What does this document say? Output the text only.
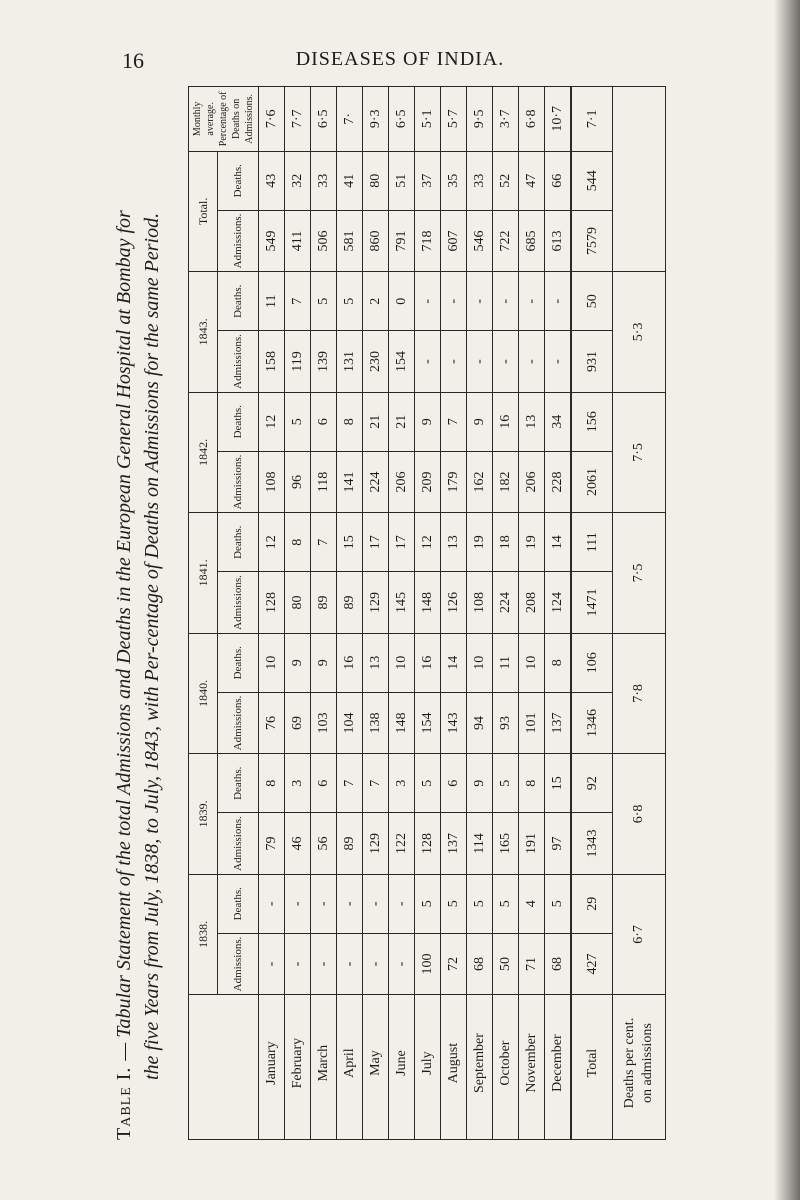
16	DISEASES OF INDIA.
Table I.— Tabular Statement of the total Admissions and Deaths in the European General Hospital at Bombay for the five Years from July, 1838, to July, 1843, with Per-centage of Deaths on Admissions for the same Period.
		1838.		1839.		1840.		1841.		1842.		1843.		Total.		Monthly average. Percentage of Deaths on Admissions.
	Admissions.	Deaths.	Admissions.	Deaths.	Admissions.	Deaths.	Admissions.	Deaths.	Admissions.	Deaths.	Admissions.	Deaths.	Admissions.	Deaths.	
January	-	-	79	8	76	10	128	12	108	12	158	11	549	43	7·6
February	-	-	46	3	69	9	80	8	96	5	119	7	411	32	7·7
March	-	-	56	6	103	9	89	7	118	6	139	5	506	33	6·5
April	-	-	89	7	104	16	89	15	141	8	131	5	581	41	7·
May	-	-	129	7	138	13	129	17	224	21	230	2	860	80	9·3
June	-	-	122	3	148	10	145	17	206	21	154	0	791	51	6·5
July	100	5	128	5	154	16	148	12	209	9	-	-	718	37	5·1
August	72	5	137	6	143	14	126	13	179	7	-	-	607	35	5·7
September	68	5	114	9	94	10	108	19	162	9	-	-	546	33	9·5
October	50	5	165	5	93	11	224	18	182	16	-	-	722	52	3·7
November	71	4	191	8	101	10	208	19	206	13	-	-	685	47	6·8
December	68	5	97	15	137	8	124	14	228	34	-	-	613	66	10·7
Total	427	29	1343	92	1346	106	1471	111	2061	156	931	50	7579	544	7·1
Deaths per cent. on admissions	6·7		6·8		7·8		7·5		7·5		5·3				
